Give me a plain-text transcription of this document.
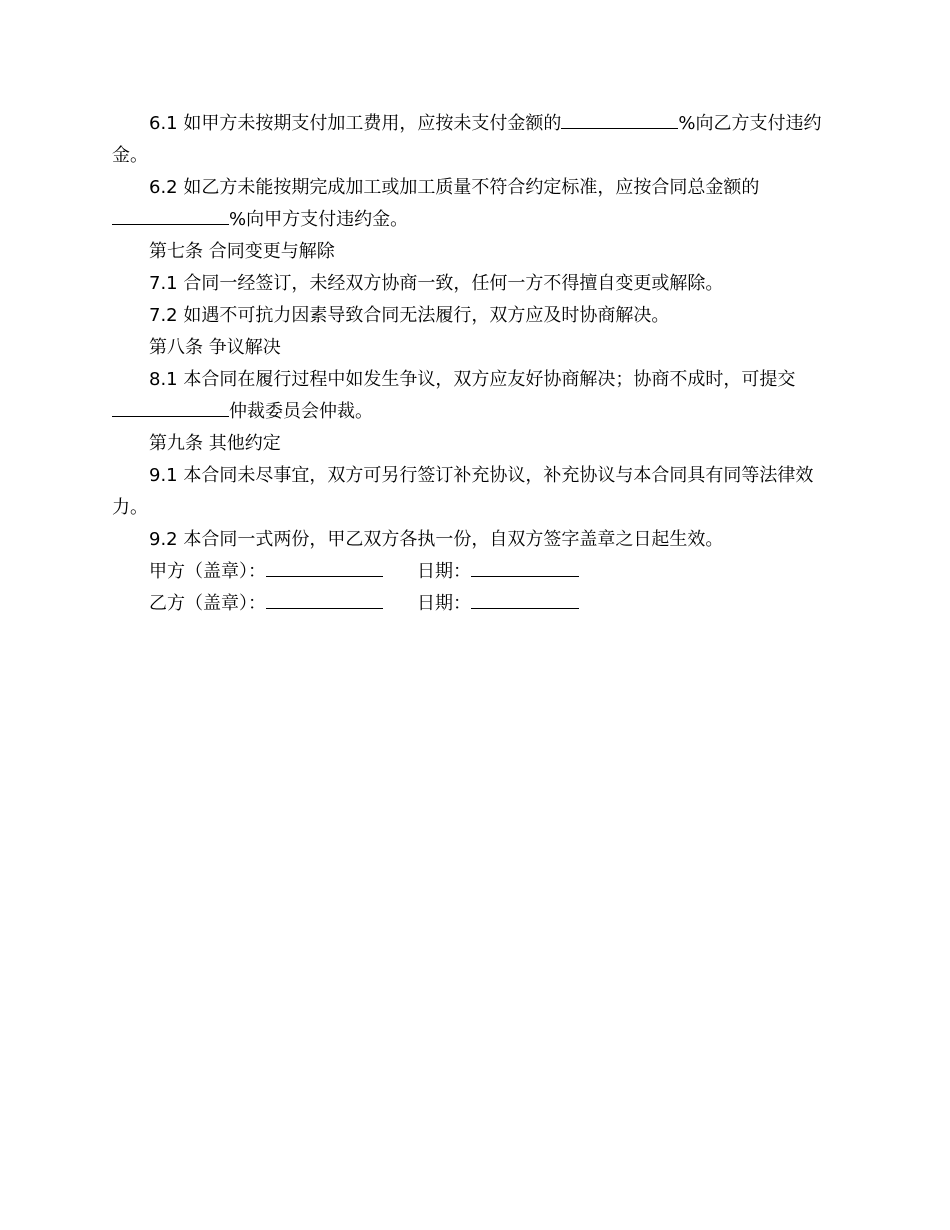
6.1 如甲方未按期支付加工费用，应按未支付金额的	%向乙方支付违约金。
6.2 如乙方未能按期完成加工或加工质量不符合约定标准，应按合同总金额的%向甲方支付违约金。
第七条 合同变更与解除
7.1 合同一经签订，未经双方协商一致，任何一方不得擅自变更或解除。
7.2 如遇不可抗力因素导致合同无法履行，双方应及时协商解决。
第八条 争议解决
8.1 本合同在履行过程中如发生争议，双方应友好协商解决；协商不成时，可提交仲裁委员会仲裁。
第九条 其他约定
9.1 本合同未尽事宜，双方可另行签订补充协议，补充协议与本合同具有同等法律效力。
9.2 本合同一式两份，甲乙双方各执一份，自双方签字盖章之日起生效。
甲方（盖章）：	日期：
乙方（盖章）：	日期：
